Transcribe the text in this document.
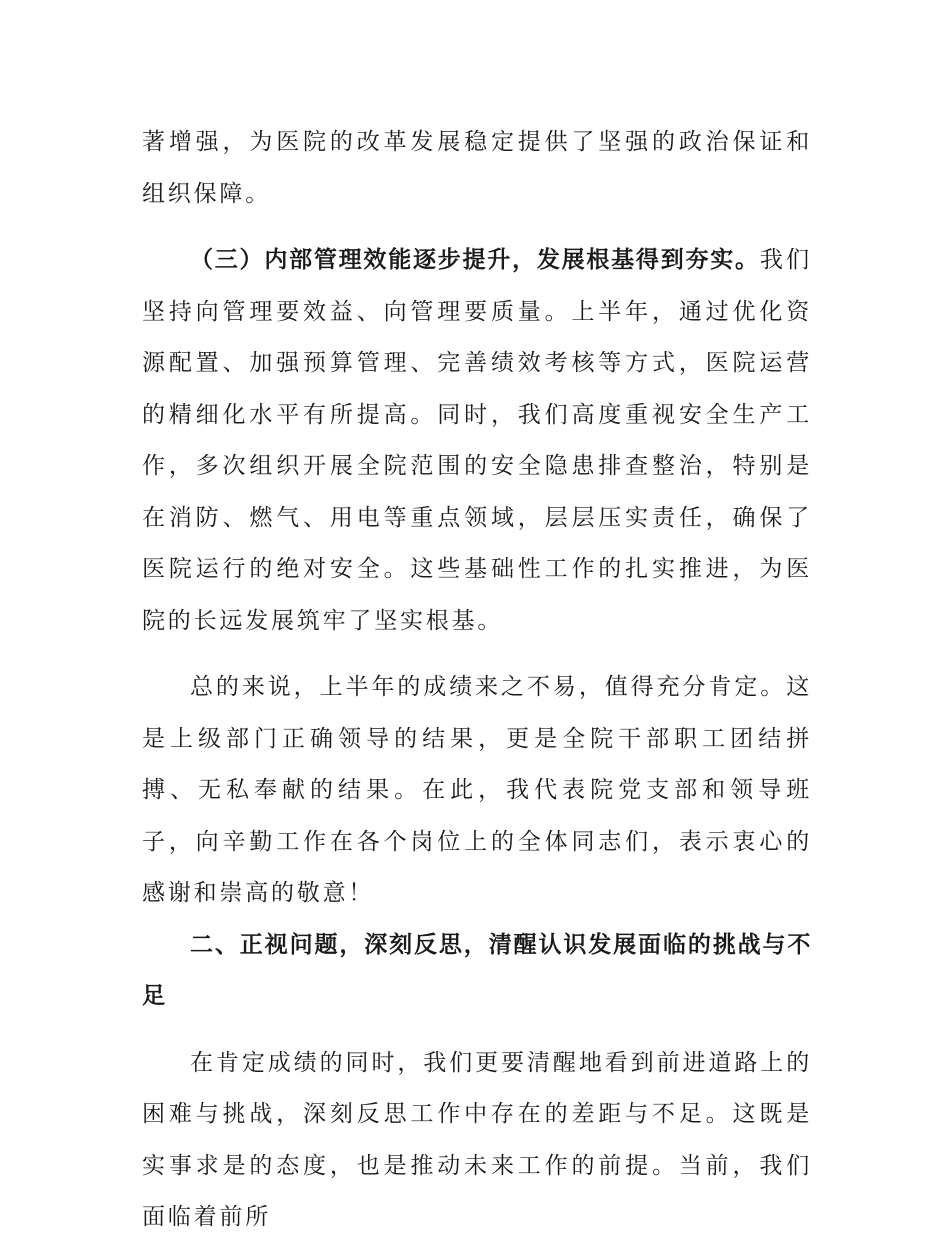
著增强，为医院的改革发展稳定提供了坚强的政治保证和组织保障。

（三）内部管理效能逐步提升，发展根基得到夯实。我们坚持向管理要效益、向管理要质量。上半年，通过优化资源配置、加强预算管理、完善绩效考核等方式，医院运营的精细化水平有所提高。同时，我们高度重视安全生产工作，多次组织开展全院范围的安全隐患排查整治，特别是在消防、燃气、用电等重点领域，层层压实责任，确保了医院运行的绝对安全。这些基础性工作的扎实推进，为医院的长远发展筑牢了坚实根基。

总的来说，上半年的成绩来之不易，值得充分肯定。这是上级部门正确领导的结果，更是全院干部职工团结拼搏、无私奉献的结果。在此，我代表院党支部和领导班子，向辛勤工作在各个岗位上的全体同志们，表示衷心的感谢和崇高的敬意！

二、正视问题，深刻反思，清醒认识发展面临的挑战与不足

在肯定成绩的同时，我们更要清醒地看到前进道路上的困难与挑战，深刻反思工作中存在的差距与不足。这既是实事求是的态度，也是推动未来工作的前提。当前，我们面临着前所
